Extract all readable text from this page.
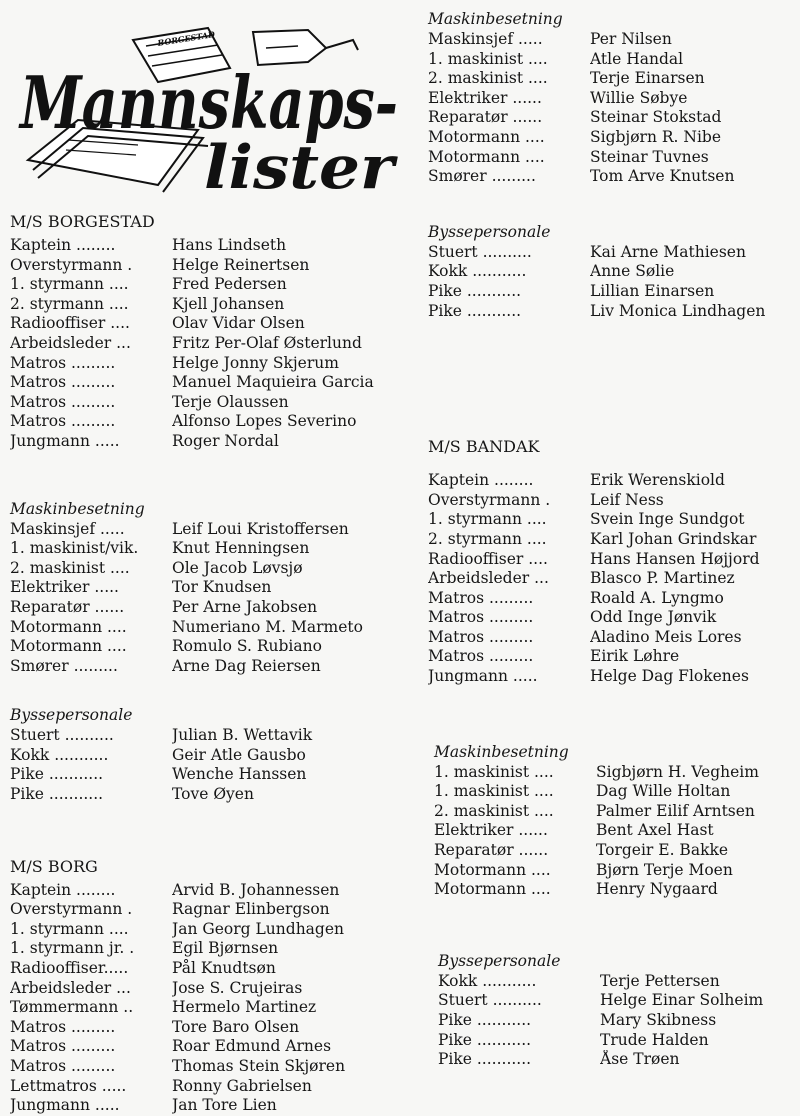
BORGESTAD
Mannskaps-
lister
M/S BORGESTAD
Kaptein ........	Hans Lindseth
Overstyrmann .	Helge Reinertsen
1. styrmann ....	Fred Pedersen
2. styrmann ....	Kjell Johansen
Radiooffiser ....	Olav Vidar Olsen
Arbeidsleder ...	Fritz Per-Olaf Østerlund
Matros .........	Helge Jonny Skjerum
Matros .........	Manuel Maquieira Garcia
Matros .........	Terje Olaussen
Matros .........	Alfonso Lopes Severino
Jungmann .....	Roger Nordal
Maskinbesetning
Maskinsjef .....	Leif Loui Kristoffersen
1. maskinist/vik.	Knut Henningsen
2. maskinist ....	Ole Jacob Løvsjø
Elektriker .....	Tor Knudsen
Reparatør ......	Per Arne Jakobsen
Motormann ....	Numeriano M. Marmeto
Motormann ....	Romulo S. Rubiano
Smører .........	Arne Dag Reiersen
Byssepersonale
Stuert ..........	Julian B. Wettavik
Kokk ...........	Geir Atle Gausbo
Pike ...........	Wenche Hanssen
Pike ...........	Tove Øyen
M/S BORG
Kaptein ........	Arvid B. Johannessen
Overstyrmann .	Ragnar Elinbergson
1. styrmann ....	Jan Georg Lundhagen
1. styrmann jr. .	Egil Bjørnsen
Radiooffiser.....	Pål Knudtsøn
Arbeidsleder ...	Jose S. Crujeiras
Tømmermann ..	Hermelo Martinez
Matros .........	Tore Baro Olsen
Matros .........	Roar Edmund Arnes
Matros .........	Thomas Stein Skjøren
Lettmatros .....	Ronny Gabrielsen
Jungmann .....	Jan Tore Lien
Maskinbesetning
Maskinsjef .....	Per Nilsen
1. maskinist ....	Atle Handal
2. maskinist ....	Terje Einarsen
Elektriker ......	Willie Søbye
Reparatør ......	Steinar Stokstad
Motormann ....	Sigbjørn R. Nibe
Motormann ....	Steinar Tuvnes
Smører .........	Tom Arve Knutsen
Byssepersonale
Stuert ..........	Kai Arne Mathiesen
Kokk ...........	Anne Sølie
Pike ...........	Lillian Einarsen
Pike ...........	Liv Monica Lindhagen
M/S BANDAK
Kaptein ........	Erik Werenskiold
Overstyrmann .	Leif Ness
1. styrmann ....	Svein Inge Sundgot
2. styrmann ....	Karl Johan Grindskar
Radiooffiser ....	Hans Hansen Højjord
Arbeidsleder ...	Blasco P. Martinez
Matros .........	Roald A. Lyngmo
Matros .........	Odd Inge Jønvik
Matros .........	Aladino Meis Lores
Matros .........	Eirik Løhre
Jungmann .....	Helge Dag Flokenes
Maskinbesetning
1. maskinist ....	Sigbjørn H. Vegheim
1. maskinist ....	Dag Wille Holtan
2. maskinist ....	Palmer Eilif Arntsen
Elektriker ......	Bent Axel Hast
Reparatør ......	Torgeir E. Bakke
Motormann ....	Bjørn Terje Moen
Motormann ....	Henry Nygaard
Byssepersonale
Kokk ...........	Terje Pettersen
Stuert ..........	Helge Einar Solheim
Pike ...........	Mary Skibness
Pike ...........	Trude Halden
Pike ...........	Åse Trøen
